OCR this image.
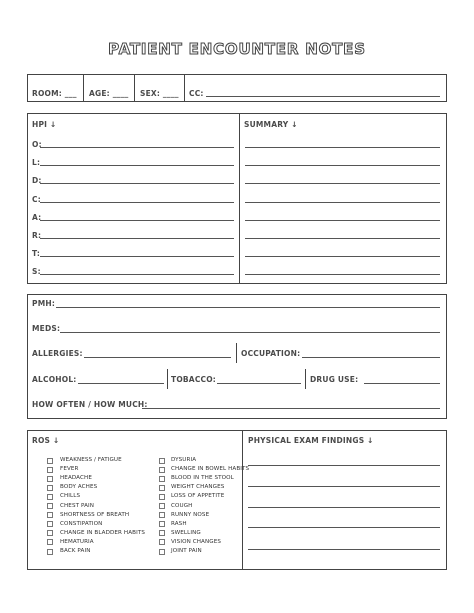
PATIENT ENCOUNTER NOTES
ROOM: ___ AGE: ____ SEX: ____ CC:
HPI ↓	SUMMARY ↓
O:
L:
D:
C:
A:
R:
T:
S:
PMH:
MEDS:
ALLERGIES:	OCCUPATION:
ALCOHOL:	TOBACCO:	DRUG USE:
HOW OFTEN / HOW MUCH:
ROS ↓	PHYSICAL EXAM FINDINGS ↓
WEAKNESS / FATIGUE
FEVER
HEADACHE
BODY ACHES
CHILLS
CHEST PAIN
SHORTNESS OF BREATH
CONSTIPATION
CHANGE IN BLADDER HABITS
HEMATURIA
BACK PAIN
DYSURIA
CHANGE IN BOWEL HABITS
BLOOD IN THE STOOL
WEIGHT CHANGES
LOSS OF APPETITE
COUGH
RUNNY NOSE
RASH
SWELLING
VISION CHANGES
JOINT PAIN
